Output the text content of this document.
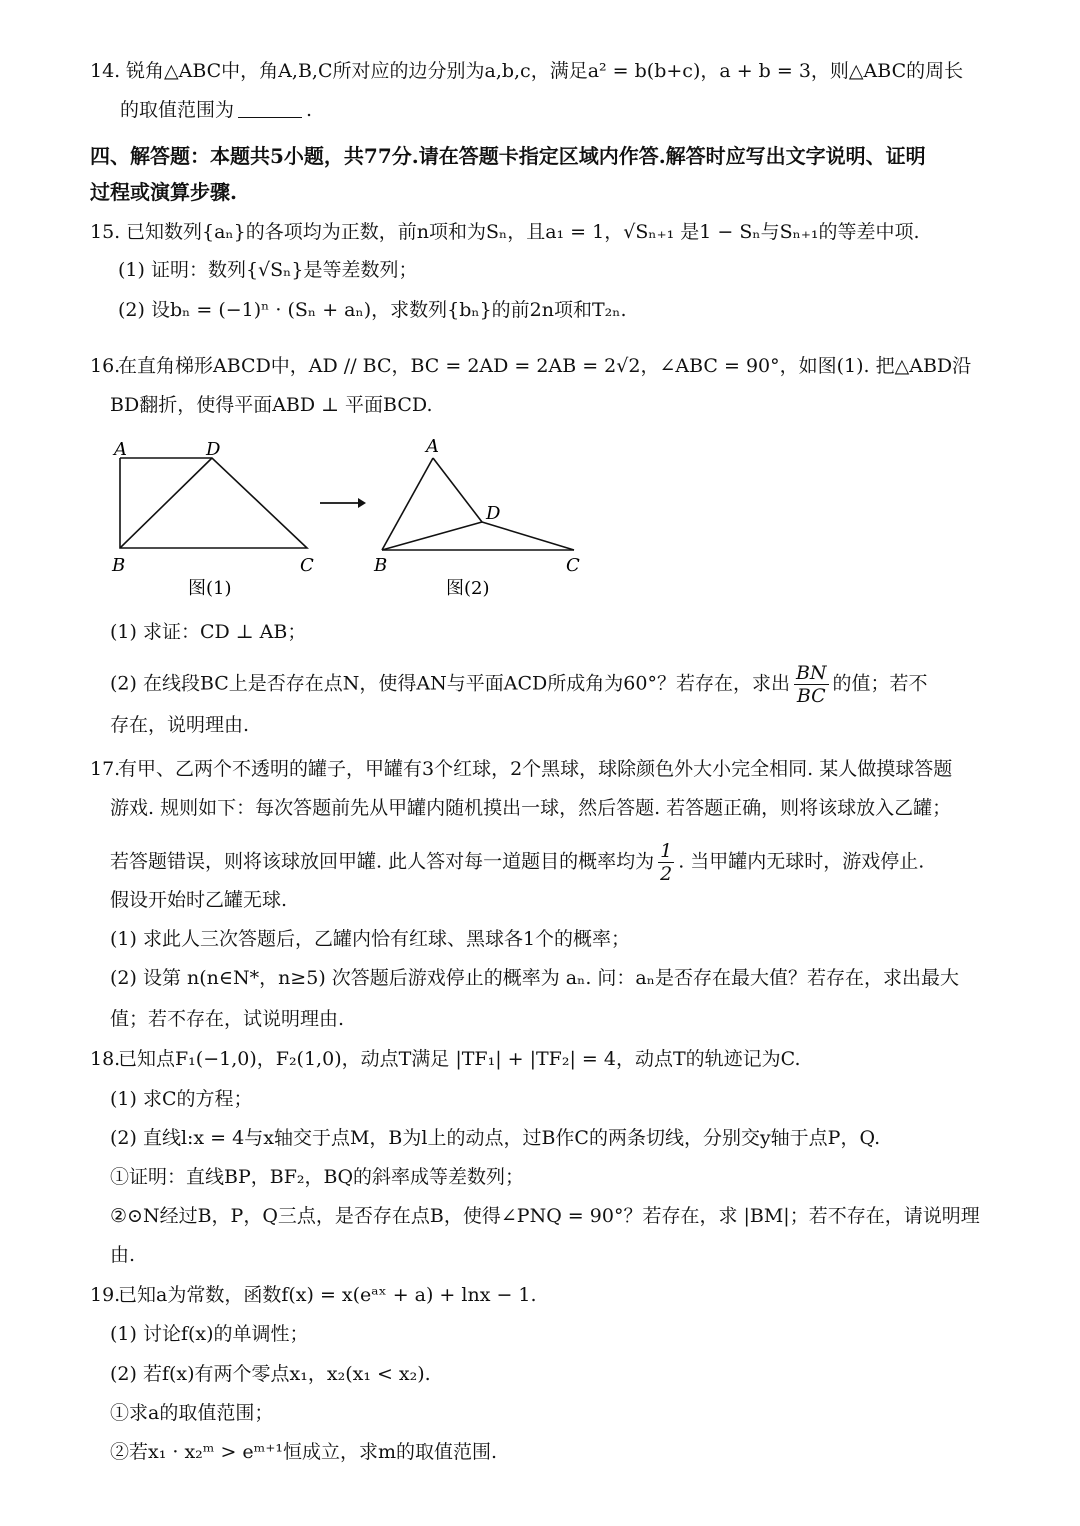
14. 锐角△ABC中，角A,B,C所对应的边分别为a,b,c，满足a² = b(b+c)，a + b = 3，则△ABC的周长
的取值范围为	.
四、解答题：本题共5小题，共77分.请在答题卡指定区域内作答.解答时应写出文字说明、证明
过程或演算步骤.
15. 已知数列{aₙ}的各项均为正数，前n项和为Sₙ，且a₁ = 1，√Sₙ₊₁ 是1 − Sₙ与Sₙ₊₁的等差中项.
(1) 证明：数列{√Sₙ}是等差数列；
(2) 设bₙ = (−1)ⁿ · (Sₙ + aₙ)，求数列{bₙ}的前2n项和T₂ₙ.
16.
在直角梯形ABCD中，AD // BC，BC = 2AD = 2AB = 2√2，∠ABC = 90°，如图(1). 把△ABD沿
BD翻折，使得平面ABD ⊥ 平面BCD.
A	D
B	C
图(1)
A
D
B	C
图(2)
(1) 求证：CD ⊥ AB；
(2) 在线段BC上是否存在点N，使得AN与平面ACD所成角为60°？若存在，求出 $\frac{BN}{BC}$ 的值；若不
存在，说明理由.
17.
有甲、乙两个不透明的罐子，甲罐有3个红球，2个黑球，球除颜色外大小完全相同. 某人做摸球答题
游戏. 规则如下：每次答题前先从甲罐内随机摸出一球，然后答题. 若答题正确，则将该球放入乙罐；
若答题错误，则将该球放回甲罐. 此人答对每一道题目的概率均为 $\frac{1}{2}$ . 当甲罐内无球时，游戏停止.
假设开始时乙罐无球.
(1) 求此人三次答题后，乙罐内恰有红球、黑球各1个的概率；
(2) 设第 n(n∈N*，n≥5) 次答题后游戏停止的概率为 aₙ. 问：aₙ是否存在最大值？若存在，求出最大
值；若不存在，试说明理由.
18.
已知点F₁(−1,0)，F₂(1,0)，动点T满足 |TF₁| + |TF₂| = 4，动点T的轨迹记为C.
(1) 求C的方程；
(2) 直线l:x = 4与x轴交于点M，B为l上的动点，过B作C的两条切线，分别交y轴于点P，Q.
①证明：直线BP，BF₂，BQ的斜率成等差数列；
②⊙N经过B，P，Q三点，是否存在点B，使得∠PNQ = 90°？若存在，求 |BM|；若不存在，请说明理
由.
19.
已知a为常数，函数f(x) = x(eᵃˣ + a) + lnx − 1.
(1) 讨论f(x)的单调性；
(2) 若f(x)有两个零点x₁，x₂(x₁ < x₂).
①求a的取值范围；
②若x₁ · x₂ᵐ > eᵐ⁺¹恒成立，求m的取值范围.
